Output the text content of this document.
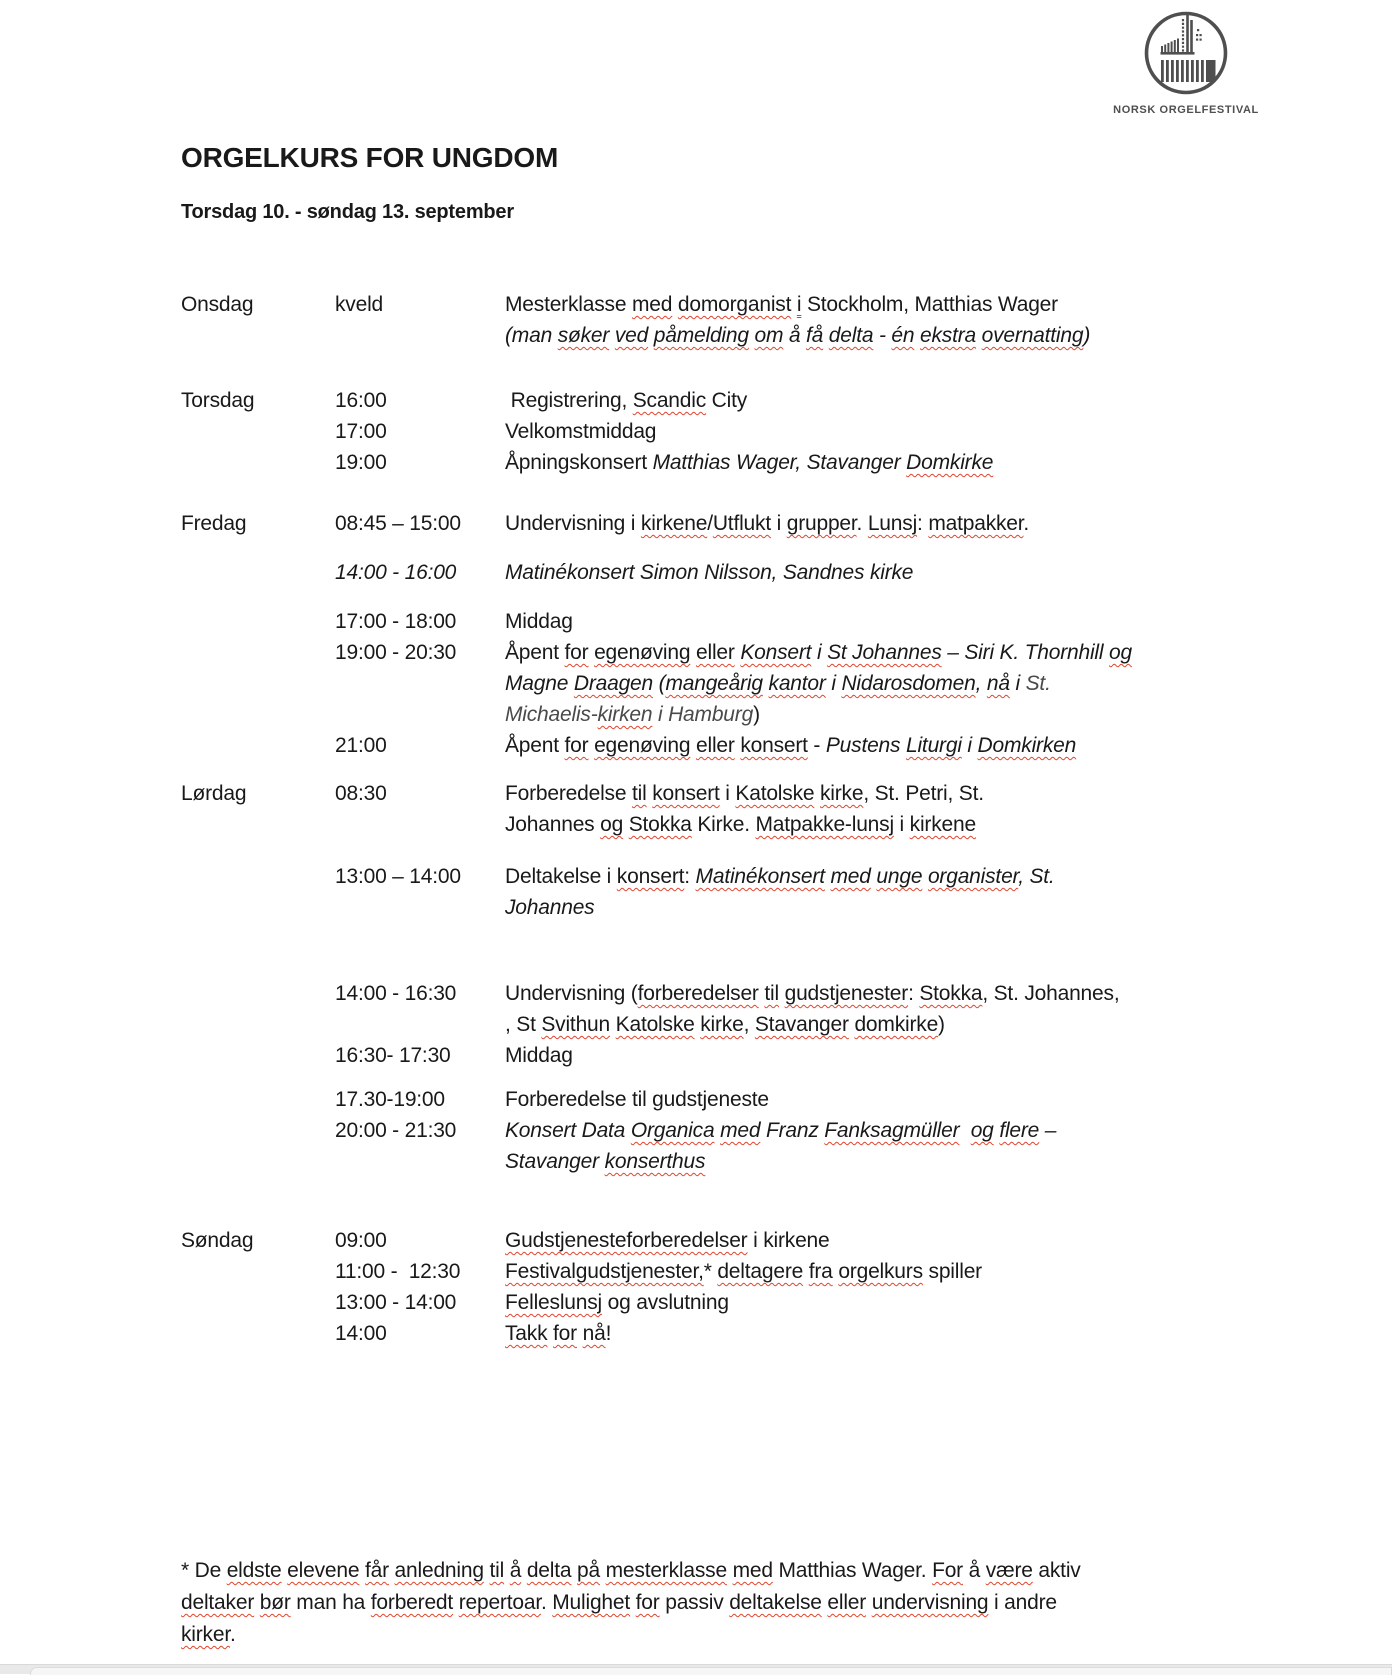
NORSK ORGELFESTIVAL
ORGELKURS FOR UNGDOM
Torsdag 10. - søndag 13. september
Onsdag	kveld	Mesterklasse med domorganist i Stockholm, Matthias Wager
(man søker ved påmelding om å få delta - én ekstra overnatting)
Torsdag	16:00	Registrering, Scandic City
17:00	Velkomstmiddag
19:00	Åpningskonsert Matthias Wager, Stavanger Domkirke
Fredag	08:45 – 15:00	Undervisning i kirkene/Utflukt i grupper. Lunsj: matpakker.
14:00 - 16:00	Matinékonsert Simon Nilsson, Sandnes kirke
17:00 - 18:00	Middag
19:00 - 20:30	Åpent for egenøving eller Konsert i St Johannes – Siri K. Thornhill og
Magne Draagen (mangeårig kantor i Nidarosdomen, nå i St.
Michaelis-kirken i Hamburg)
21:00	Åpent for egenøving eller konsert - Pustens Liturgi i Domkirken
Lørdag	08:30	Forberedelse til konsert i Katolske kirke, St. Petri, St.
Johannes og Stokka Kirke. Matpakke-lunsj i kirkene
13:00 – 14:00	Deltakelse i konsert: Matinékonsert med unge organister, St.
Johannes
14:00 - 16:30	Undervisning (forberedelser til gudstjenester: Stokka, St. Johannes,
, St Svithun Katolske kirke, Stavanger domkirke)
16:30- 17:30	Middag
17.30-19:00	Forberedelse til gudstjeneste
20:00 - 21:30	Konsert Data Organica med Franz Fanksagmüller og flere –
Stavanger konserthus
Søndag	09:00	Gudstjenesteforberedelser i kirkene
11:00 -  12:30	Festivalgudstjenester,* deltagere fra orgelkurs spiller
13:00 - 14:00	Felleslunsj og avslutning
14:00	Takk for nå!
* De eldste elevene får anledning til å delta på mesterklasse med Matthias Wager. For å være aktiv
deltaker bør man ha forberedt repertoar. Mulighet for passiv deltakelse eller undervisning i andre
kirker.
